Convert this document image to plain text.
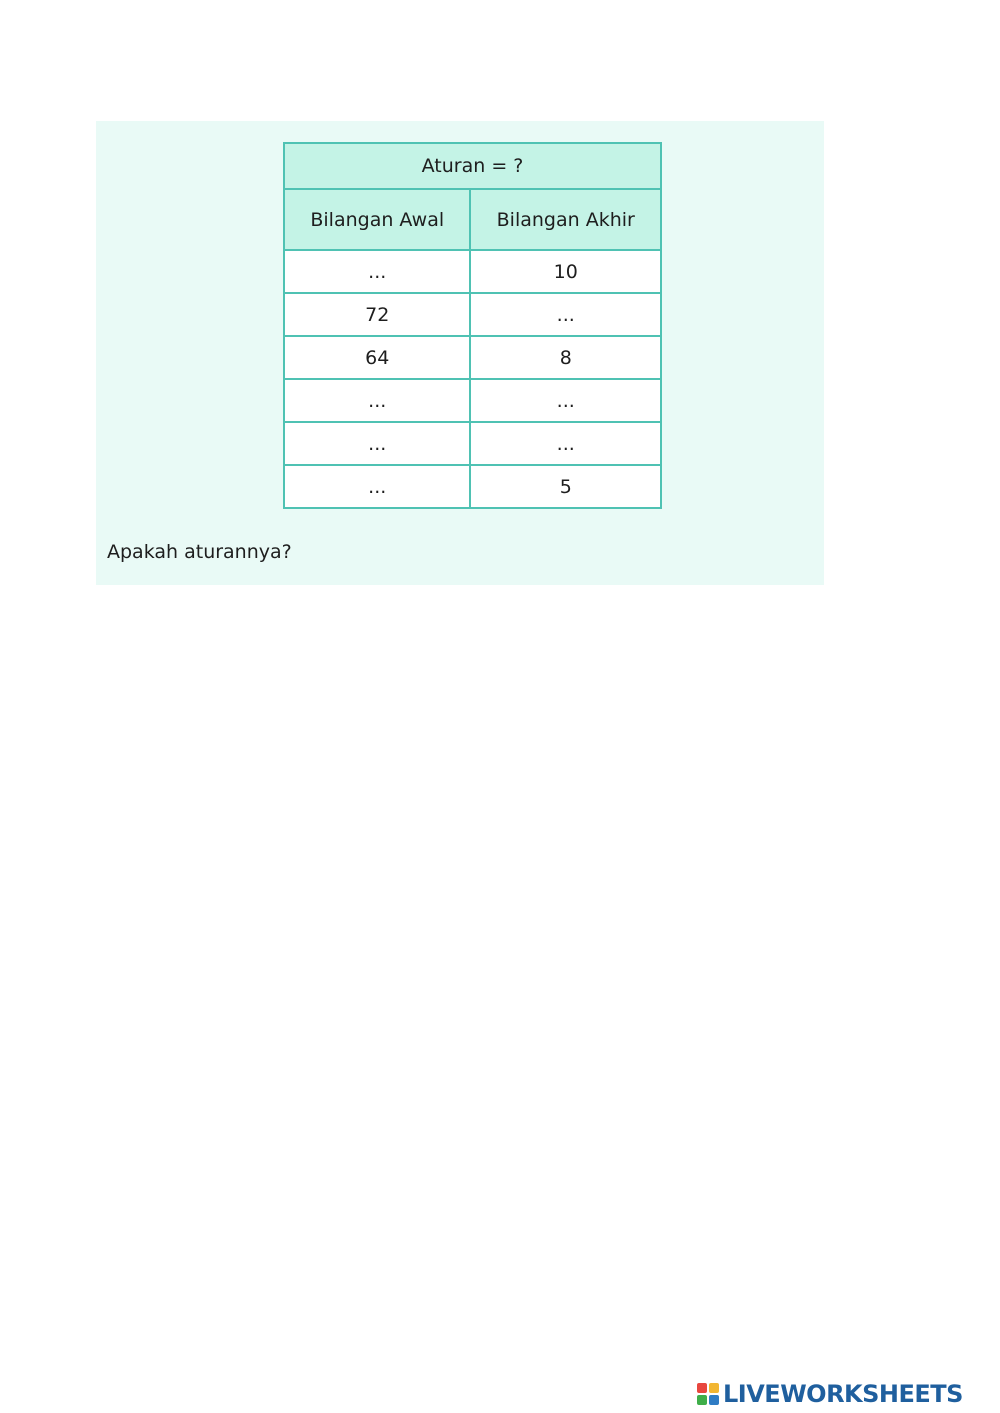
Aturan = ?	
Bilangan Awal	Bilangan Akhir
...	10
72	...
64	8
...	...
...	...
...	5
Apakah aturannya?
LIVEWORKSHEETS
